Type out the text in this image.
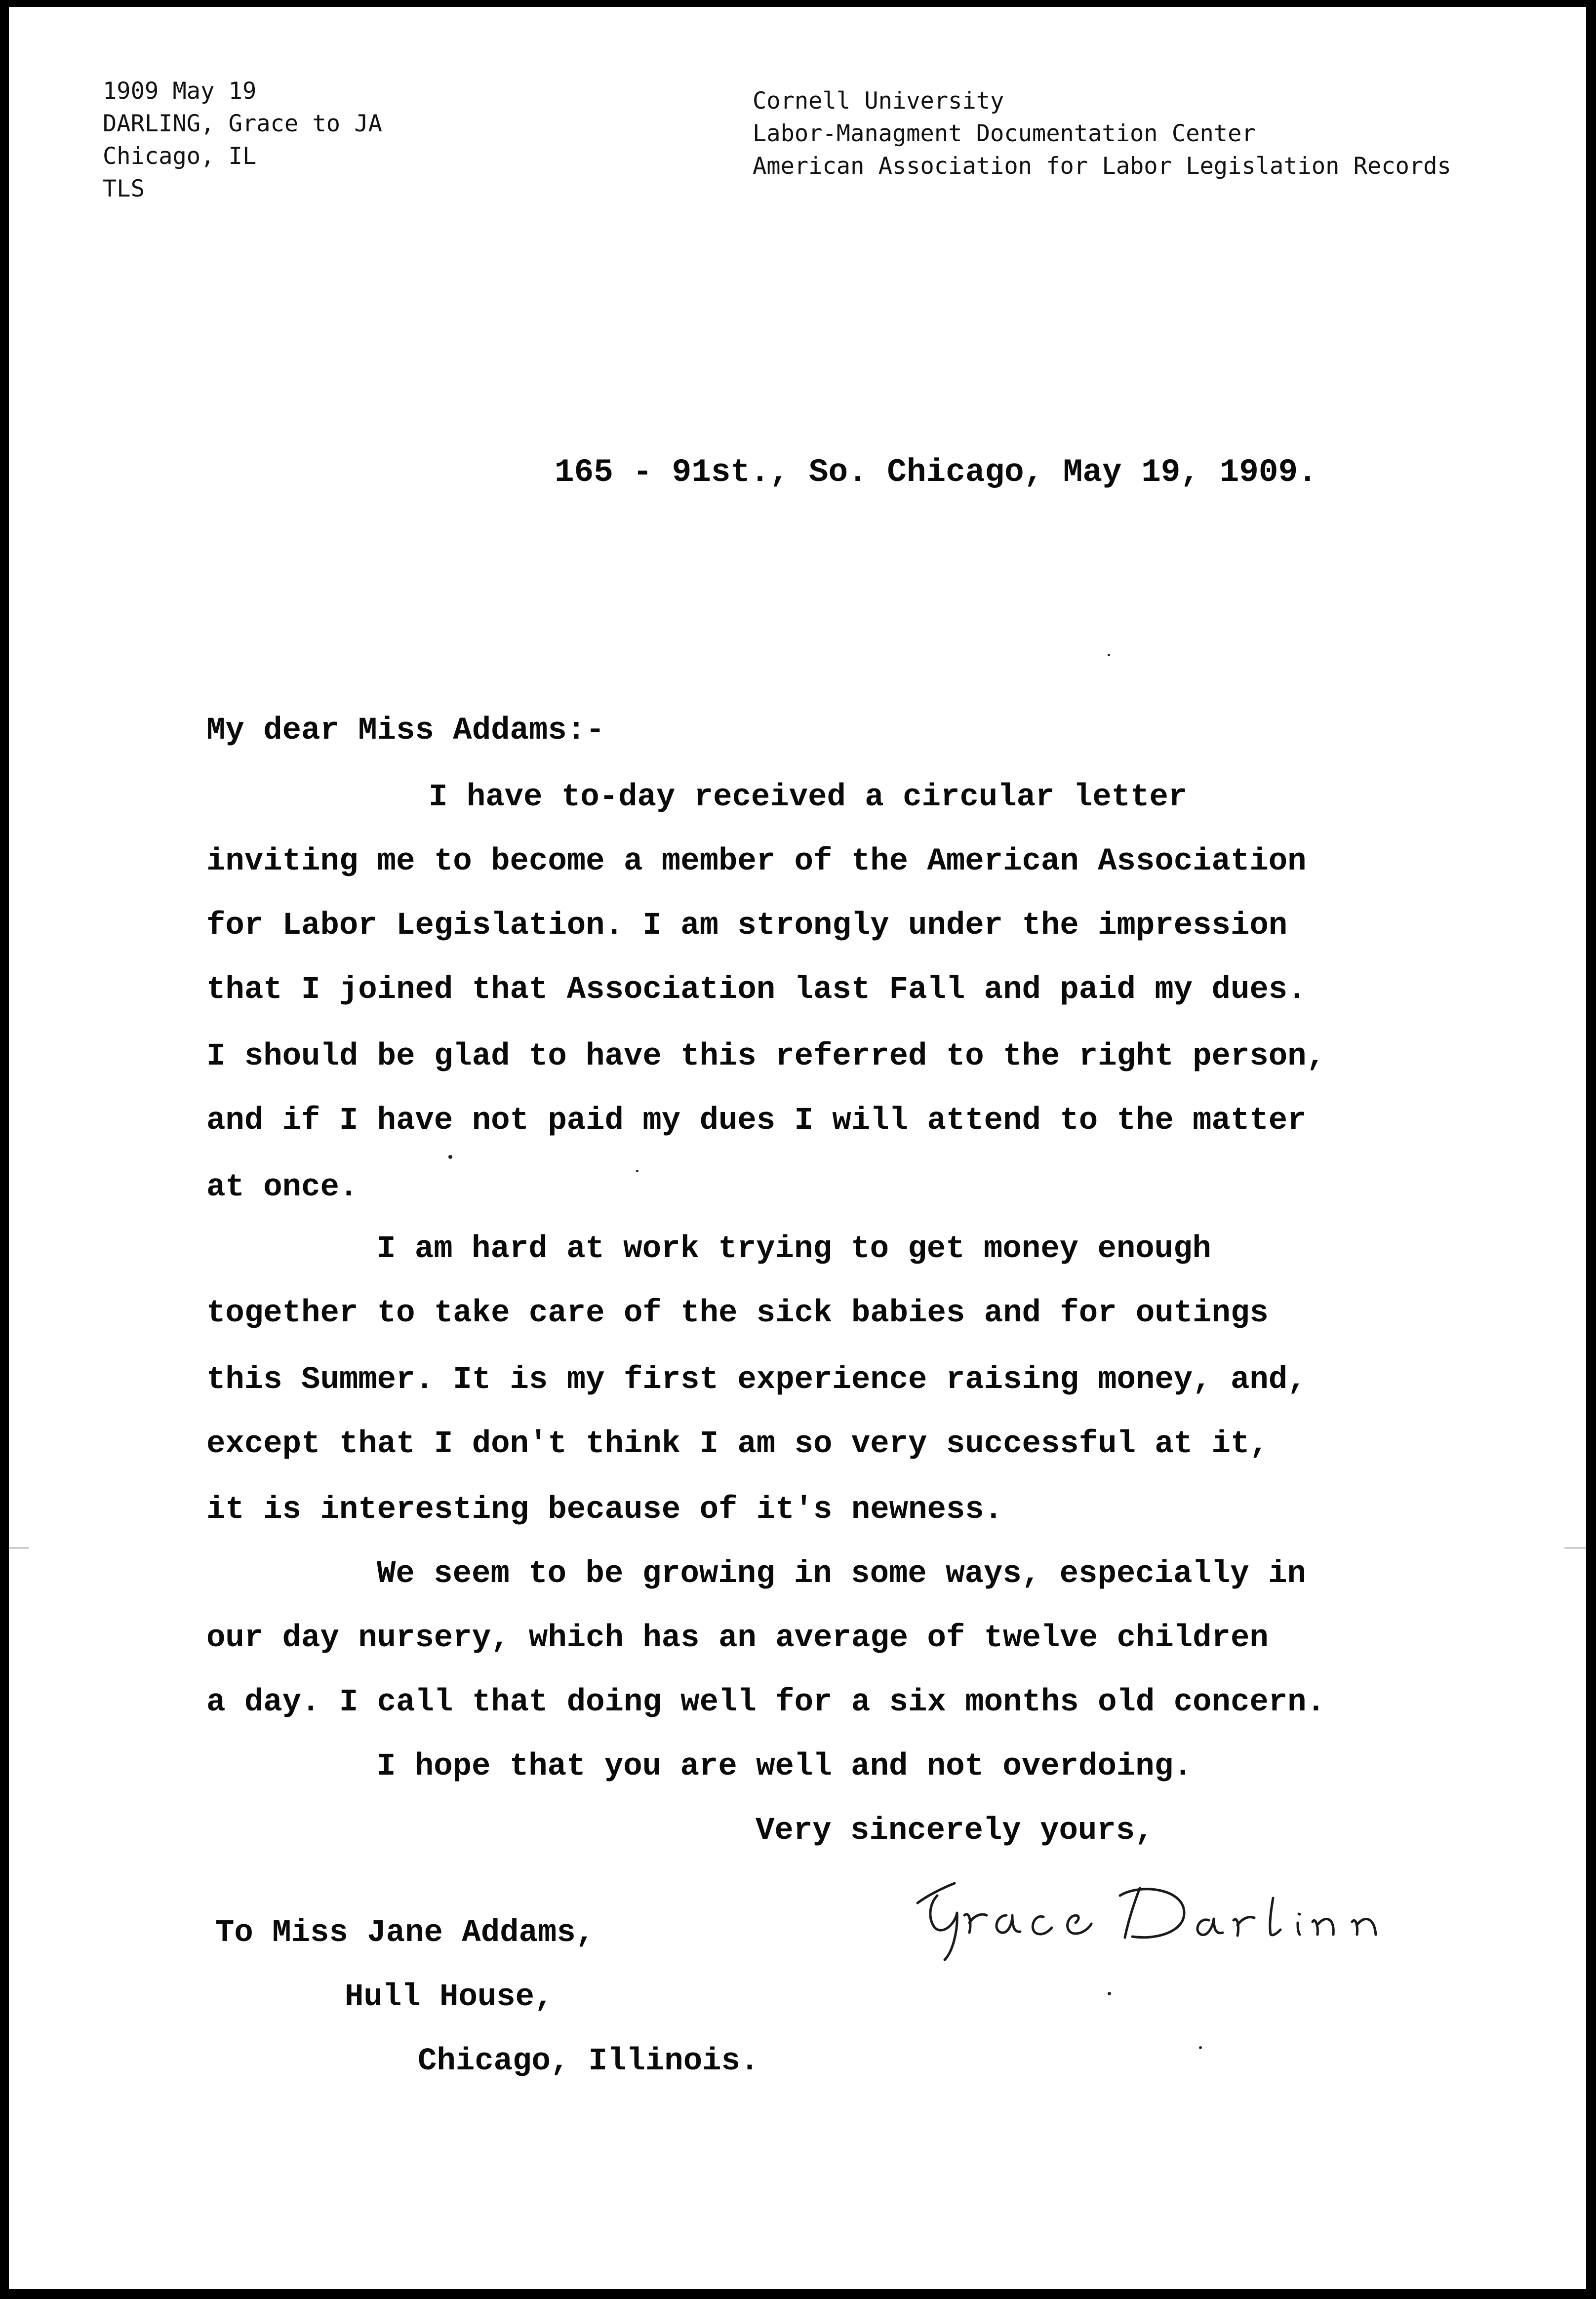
1909 May 19
DARLING, Grace to JA
Chicago, IL
TLS
Cornell University
Labor-Managment Documentation Center
American Association for Labor Legislation Records
165 - 91st., So. Chicago, May 19, 1909.
My dear Miss Addams:-
I have to-day received a circular letter
inviting me to become a member of the American Association
for Labor Legislation. I am strongly under the impression
that I joined that Association last Fall and paid my dues.
I should be glad to have this referred to the right person,
and if I have not paid my dues I will attend to the matter
at once.
I am hard at work trying to get money enough
together to take care of the sick babies and for outings
this Summer. It is my first experience raising money, and,
except that I don't think I am so very successful at it,
it is interesting because of it's newness.
We seem to be growing in some ways, especially in
our day nursery, which has an average of twelve children
a day. I call that doing well for a six months old concern.
I hope that you are well and not overdoing.
Very sincerely yours,
To Miss Jane Addams,
Hull House,
Chicago, Illinois.
